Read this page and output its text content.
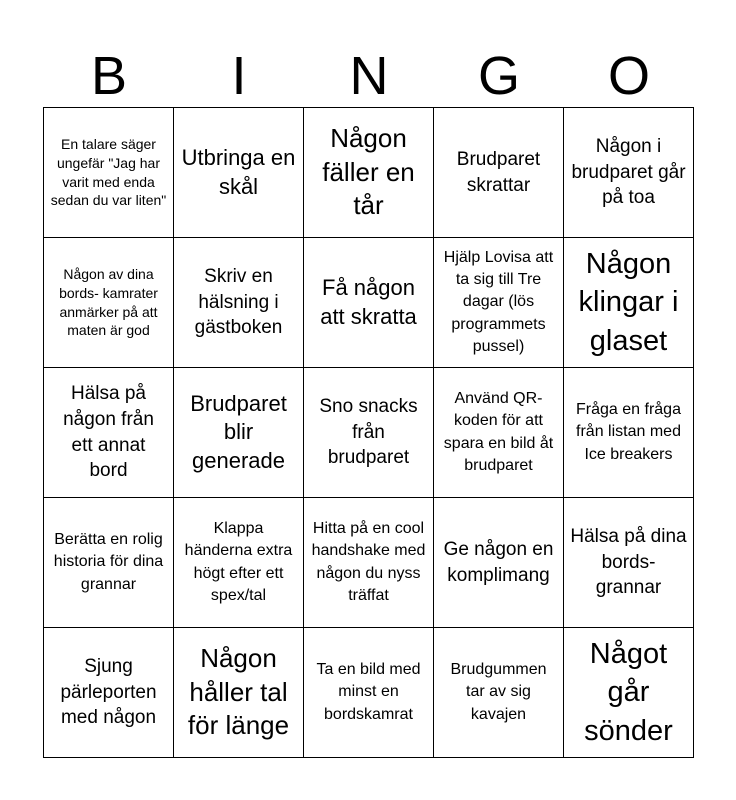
B	I	N	G	O
En talare säger ungefär "Jag har varit med enda sedan du var liten"
Utbringa en skål
Någon fäller en tår
Brudparet skrattar
Någon i brudparet går på toa
Någon av dina bords- kamrater anmärker på att maten är god
Skriv en hälsning i gästboken
Få någon att skratta
Hjälp Lovisa att ta sig till Tre dagar (lös programmets pussel)
Någon klingar i glaset
Hälsa på någon från ett annat bord
Brudparet blir generade
Sno snacks från brudparet
Använd QR-koden för att spara en bild åt brudparet
Fråga en fråga från listan med Ice breakers
Berätta en rolig historia för dina grannar
Klappa händerna extra högt efter ett spex/tal
Hitta på en cool handshake med någon du nyss träffat
Ge någon en komplimang
Hälsa på dina bords- grannar
Sjung pärleporten med någon
Någon håller tal för länge
Ta en bild med minst en bordskamrat
Brudgummen tar av sig kavajen
Något går sönder
